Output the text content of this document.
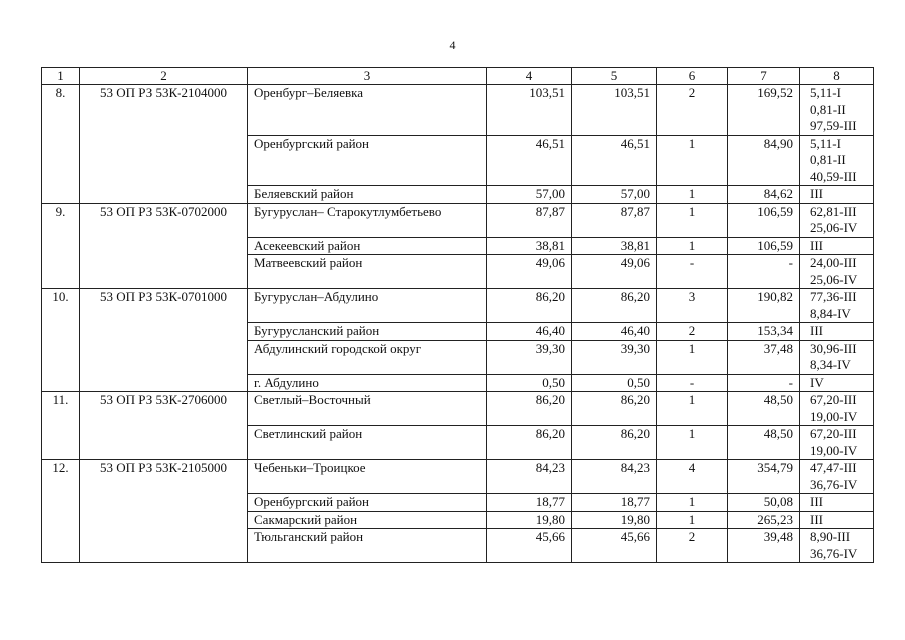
4
1	2	3	4	5	6	7	8
8.	53 ОП РЗ 53К-2104000	Оренбург–Беляевка	103,51	103,51	2	169,52	5,11-I
0,81-II
97,59-III

		Оренбургский район	46,51	46,51	1	84,90	5,11-I
0,81-II
40,59-III

		Беляевский район	57,00	57,00	1	84,62	III

9.	53 ОП РЗ 53К-0702000	Бугуруслан– Старокутлумбетьево	87,87	87,87	1	106,59	62,81-III
25,06-IV

		Асекеевский район	38,81	38,81	1	106,59	III

		Матвеевский район	49,06	49,06	-	-	24,00-III
25,06-IV

10.	53 ОП РЗ 53К-0701000	Бугуруслан–Абдулино	86,20	86,20	3	190,82	77,36-III
8,84-IV

		Бугурусланский район	46,40	46,40	2	153,34	III

		Абдулинский городской округ	39,30	39,30	1	37,48	30,96-III
8,34-IV

		г. Абдулино	0,50	0,50	-	-	IV

11.	53 ОП РЗ 53К-2706000	Светлый–Восточный	86,20	86,20	1	48,50	67,20-III
19,00-IV

		Светлинский район	86,20	86,20	1	48,50	67,20-III
19,00-IV

12.	53 ОП РЗ 53К-2105000	Чебеньки–Троицкое	84,23	84,23	4	354,79	47,47-III
36,76-IV

		Оренбургский район	18,77	18,77	1	50,08	III

		Сакмарский район	19,80	19,80	1	265,23	III

		Тюльганский район	45,66	45,66	2	39,48	8,90-III
36,76-IV
